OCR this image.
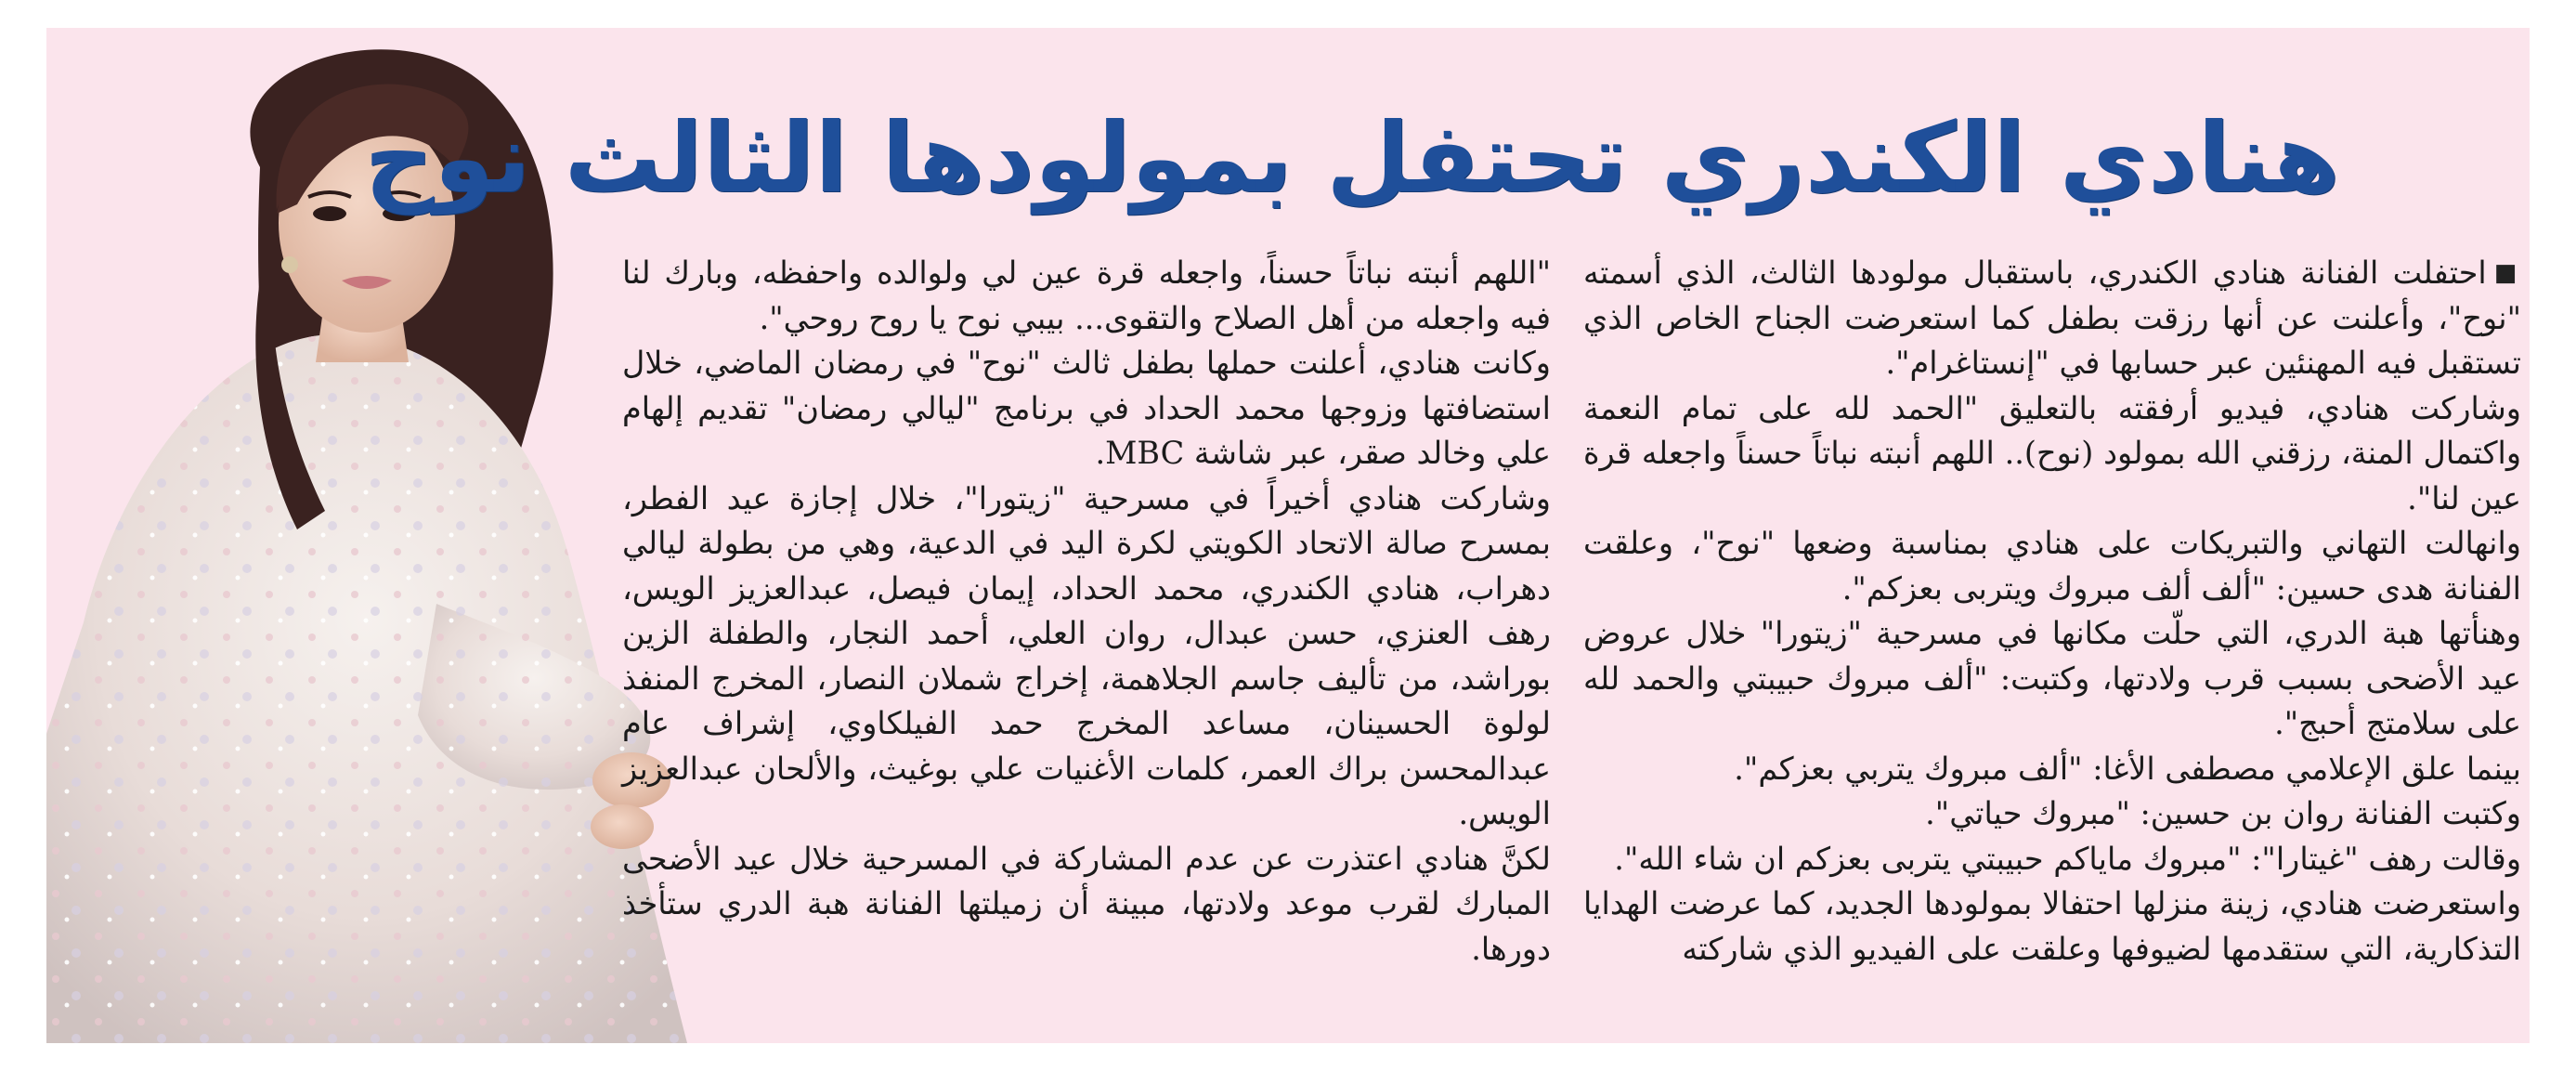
هنادي الكندري تحتفل بمولودها الثالث نوح

■احتفلت الفنانة هنادي الكندري، باستقبال مولودها الثالث، الذي أسمته "نوح"، وأعلنت عن أنها رزقت بطفل كما استعرضت الجناح الخاص الذي تستقبل فيه المهنئين عبر حسابها في "إنستاغرام".

وشاركت هنادي، فيديو أرفقته بالتعليق "الحمد لله على تمام النعمة واكتمال المنة، رزقني الله بمولود (نوح).. اللهم أنبته نباتاً حسناً واجعله قرة عين لنا".

وانهالت التهاني والتبريكات على هنادي بمناسبة وضعها "نوح"، وعلقت الفنانة هدى حسين: "ألف ألف مبروك ويتربى بعزكم".

وهنأتها هبة الدري، التي حلّت مكانها في مسرحية "زيتورا" خلال عروض عيد الأضحى بسبب قرب ولادتها، وكتبت: "ألف مبروك حبيبتي والحمد لله على سلامتج أحبج".

بينما علق الإعلامي مصطفى الأغا: "ألف مبروك يتربي بعزكم".

وكتبت الفنانة روان بن حسين: "مبروك حياتي".

وقالت رهف "غيتارا": "مبروك ماياكم حبيبتي يتربى بعزكم ان شاء الله".

واستعرضت هنادي، زينة منزلها احتفالا بمولودها الجديد، كما عرضت الهدايا التذكارية، التي ستقدمها لضيوفها وعلقت على الفيديو الذي شاركته

"اللهم أنبته نباتاً حسناً، واجعله قرة عين لي ولوالده واحفظه، وبارك لنا فيه واجعله من أهل الصلاح والتقوى... بيبي نوح يا روح روحي".

وكانت هنادي، أعلنت حملها بطفل ثالث "نوح" في رمضان الماضي، خلال استضافتها وزوجها محمد الحداد في برنامج "ليالي رمضان" تقديم إلهام علي وخالد صقر، عبر شاشة MBC.

وشاركت هنادي أخيراً في مسرحية "زيتورا"، خلال إجازة عيد الفطر، بمسرح صالة الاتحاد الكويتي لكرة اليد في الدعية، وهي من بطولة ليالي دهراب، هنادي الكندري، محمد الحداد، إيمان فيصل، عبدالعزيز الويس، رهف العنزي، حسن عبدال، روان العلي، أحمد النجار، والطفلة الزين بوراشد، من تأليف جاسم الجلاهمة، إخراج شملان النصار، المخرج المنفذ لولوة الحسينان، مساعد المخرج حمد الفيلكاوي، إشراف عام عبدالمحسن براك العمر، كلمات الأغنيات علي بوغيث، والألحان عبدالعزيز الويس.

لكنَّ هنادي اعتذرت عن عدم المشاركة في المسرحية خلال عيد الأضحى المبارك لقرب موعد ولادتها، مبينة أن زميلتها الفنانة هبة الدري ستأخذ دورها.
